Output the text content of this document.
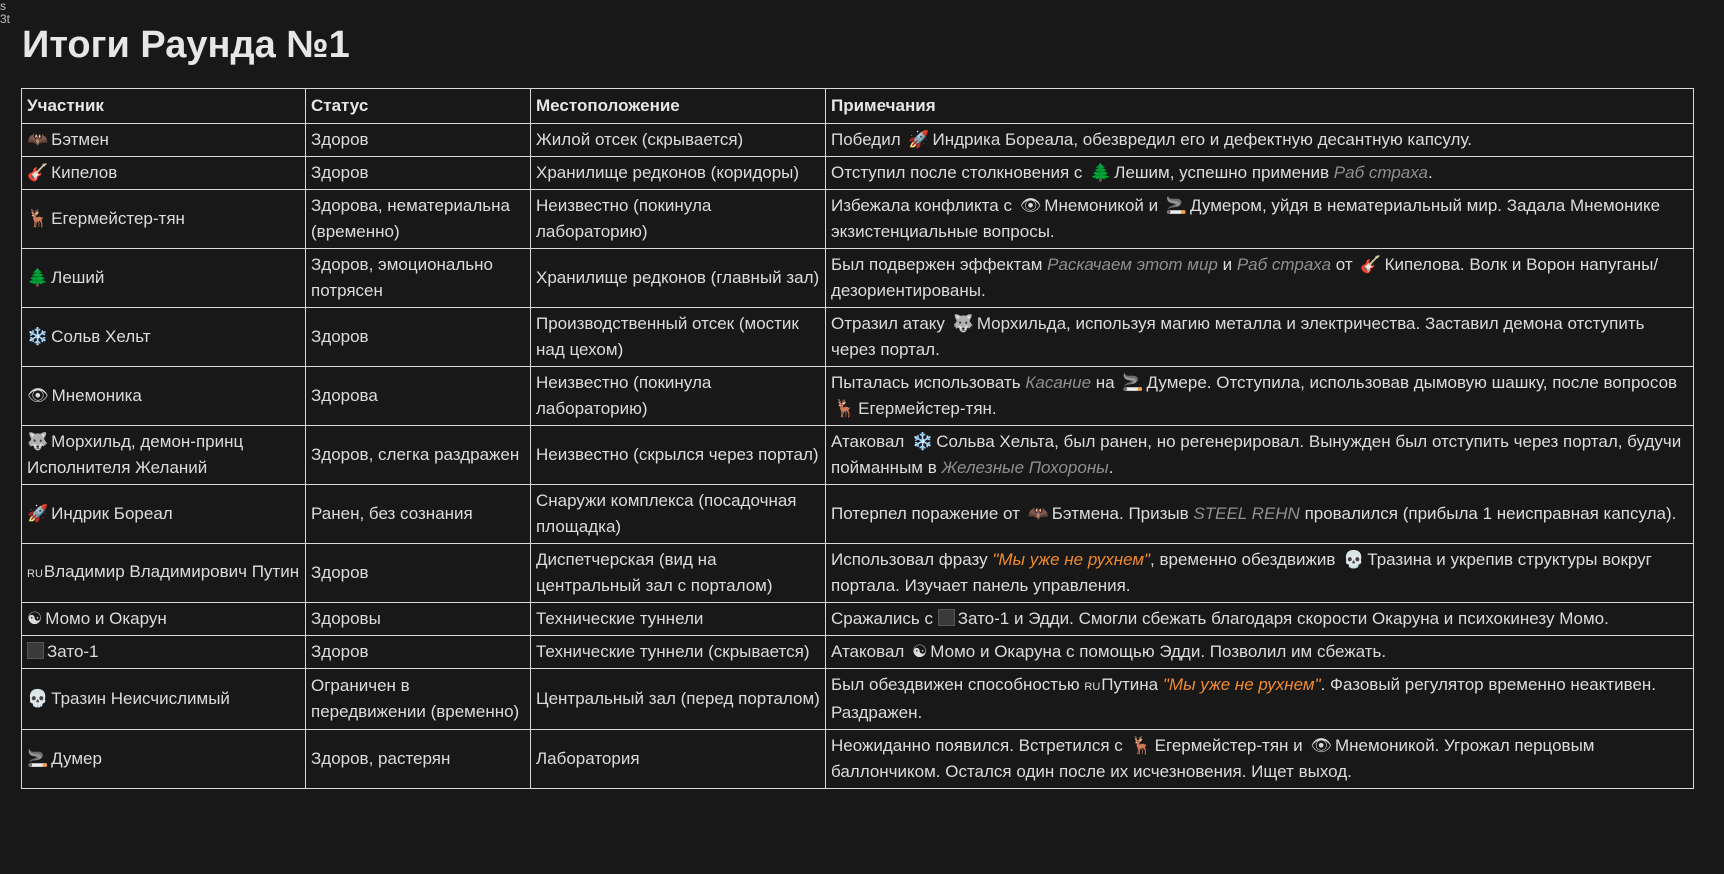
s
3t
Итоги Раунда №1
Участник	Статус	Местоположение	Примечания
🦇 Бэтмен	Здоров	Жилой отсек (скрывается)	Победил 🚀 Индрика Бореала, обезвредил его и дефектную десантную капсулу.
🎸 Кипелов	Здоров	Хранилище редконов (коридоры)	Отступил после столкновения с 🌲 Лешим, успешно применив Раб страха.
🦌 Егермейстер-тян	Здорова, нематериальна (временно)	Неизвестно (покинула лабораторию)	Избежала конфликта с 👁 Мнемоникой и 🚬 Думером, уйдя в нематериальный мир. Задала Мнемонике экзистенциальные вопросы.
🌲 Леший	Здоров, эмоционально потрясен	Хранилище редконов (главный зал)	Был подвержен эффектам Раскачаем этот мир и Раб страха от 🎸 Кипелова. Волк и Ворон напуганы/дезориентированы.
❄️ Сольв Хельт	Здоров	Производственный отсек (мостик над цехом)	Отразил атаку 🐺 Морхильда, используя магию металла и электричества. Заставил демона отступить через портал.
👁 Мнемоника	Здорова	Неизвестно (покинула лабораторию)	Пыталась использовать Касание на 🚬 Думере. Отступила, использовав дымовую шашку, после вопросов 🦌 Егермейстер-тян.
🐺 Морхильд, демон-принц Исполнителя Желаний	Здоров, слегка раздражен	Неизвестно (скрылся через портал)	Атаковал ❄️ Сольва Хельта, был ранен, но регенерировал. Вынужден был отступить через портал, будучи пойманным в Железные Похороны.
🚀 Индрик Бореал	Ранен, без сознания	Снаружи комплекса (посадочная площадка)	Потерпел поражение от 🦇 Бэтмена. Призыв STEEL REHN провалился (прибыла 1 неисправная капсула).
RUВладимир Владимирович Путин	Здоров	Диспетчерская (вид на центральный зал с порталом)	Использовал фразу "Мы уже не рухнем", временно обездвижив 💀 Тразина и укрепив структуры вокруг портала. Изучает панель управления.
☯ Момо и Окарун	Здоровы	Технические туннели	Сражались с Зато-1 и Эдди. Смогли сбежать благодаря скорости Окаруна и психокинезу Момо.
Зато-1	Здоров	Технические туннели (скрывается)	Атаковал ☯ Момо и Окаруна с помощью Эдди. Позволил им сбежать.
💀 Тразин Неисчислимый	Ограничен в передвижении (временно)	Центральный зал (перед порталом)	Был обездвижен способностью RUПутина "Мы уже не рухнем". Фазовый регулятор временно неактивен. Раздражен.
🚬 Думер	Здоров, растерян	Лаборатория	Неожиданно появился. Встретился с 🦌 Егермейстер-тян и 👁 Мнемоникой. Угрожал перцовым баллончиком. Остался один после их исчезновения. Ищет выход.
